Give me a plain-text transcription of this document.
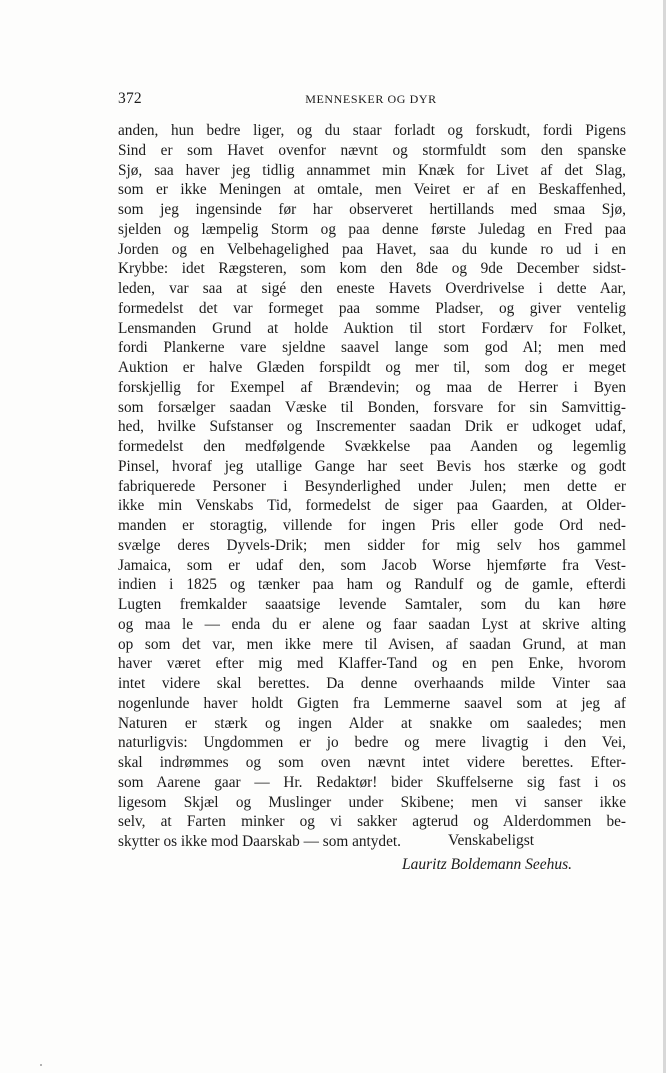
372	MENNESKER OG DYR
anden, hun bedre liger, og du staar forladt og forskudt, fordi Pigens
Sind er som Havet ovenfor nævnt og stormfuldt som den spanske
Sjø, saa haver jeg tidlig annammet min Knæk for Livet af det Slag,
som er ikke Meningen at omtale, men Veiret er af en Beskaffenhed,
som jeg ingensinde før har observeret hertillands med smaa Sjø,
sjelden og læmpelig Storm og paa denne første Juledag en Fred paa
Jorden og en Velbehagelighed paa Havet, saa du kunde ro ud i en
Krybbe: idet Rægsteren, som kom den 8de og 9de December sidst-
leden, var saa at sigé den eneste Havets Overdrivelse i dette Aar,
formedelst det var formeget paa somme Pladser, og giver ventelig
Lensmanden Grund at holde Auktion til stort Fordærv for Folket,
fordi Plankerne vare sjeldne saavel lange som god Al; men med
Auktion er halve Glæden forspildt og mer til, som dog er meget
forskjellig for Exempel af Brændevin; og maa de Herrer i Byen
som forsælger saadan Væske til Bonden, forsvare for sin Samvittig-
hed, hvilke Sufstanser og Inscrementer saadan Drik er udkoget udaf,
formedelst den medfølgende Svækkelse paa Aanden og legemlig
Pinsel, hvoraf jeg utallige Gange har seet Bevis hos stærke og godt
fabriquerede Personer i Besynderlighed under Julen; men dette er
ikke min Venskabs Tid, formedelst de siger paa Gaarden, at Older-
manden er storagtig, villende for ingen Pris eller gode Ord ned-
svælge deres Dyvels-Drik; men sidder for mig selv hos gammel
Jamaica, som er udaf den, som Jacob Worse hjemførte fra Vest-
indien i 1825 og tænker paa ham og Randulf og de gamle, efterdi
Lugten fremkalder saaatsige levende Samtaler, som du kan høre
og maa le — enda du er alene og faar saadan Lyst at skrive alting
op som det var, men ikke mere til Avisen, af saadan Grund, at man
haver været efter mig med Klaffer-Tand og en pen Enke, hvorom
intet videre skal berettes. Da denne overhaands milde Vinter saa
nogenlunde haver holdt Gigten fra Lemmerne saavel som at jeg af
Naturen er stærk og ingen Alder at snakke om saaledes; men
naturligvis: Ungdommen er jo bedre og mere livagtig i den Vei,
skal indrømmes og som oven nævnt intet videre berettes. Efter-
som Aarene gaar — Hr. Redaktør! bider Skuffelserne sig fast i os
ligesom Skjæl og Muslinger under Skibene; men vi sanser ikke
selv, at Farten minker og vi sakker agterud og Alderdommen be-
skytter os ikke mod Daarskab — som antydet.	Venskabeligst
Lauritz Boldemann Seehus.
